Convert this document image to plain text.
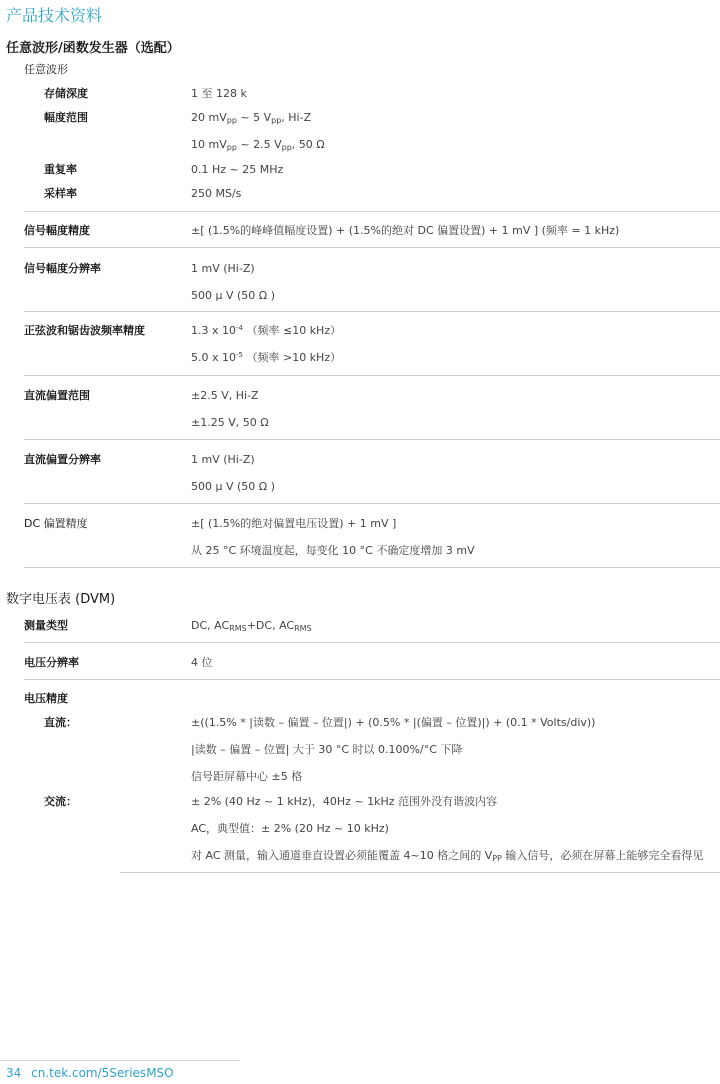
产品技术资料
任意波形/函数发生器（选配）
任意波形
存储深度	1 至 128 k
幅度范围	20 $mV_{pp}$ ~ 5 $V_{pp}$, Hi-Z
10 $mV_{pp}$ ~ 2.5 $V_{pp}$, 50 Ω
重复率	0.1 Hz ~ 25 MHz
采样率	250 MS/s
信号幅度精度	±[ (1.5%的峰峰值幅度设置) + (1.5%的绝对 DC 偏置设置) + 1 mV ] (频率 = 1 kHz)
信号幅度分辨率	1 mV (Hi-Z)
500 μ V (50 Ω )
正弦波和锯齿波频率精度	1.3 x $10^{-4}$ （频率 ≤10 kHz）
5.0 x $10^{-5}$ （频率 >10 kHz）
直流偏置范围	±2.5 V, Hi-Z
±1.25 V, 50 Ω
直流偏置分辨率	1 mV (Hi-Z)
500 μ V (50 Ω )
DC 偏置精度	±[ (1.5%的绝对偏置电压设置) + 1 mV ]
从 25 °C 环境温度起，每变化 10 °C 不确定度增加 3 mV
数字电压表 (DVM)
测量类型	DC, $AC_{RMS}+DC$, $AC_{RMS}$
电压分辨率	4 位
电压精度
直流：	±((1.5% * |读数 – 偏置 – 位置|) + (0.5% * |(偏置 – 位置)|) + (0.1 * Volts/div))
|读数 – 偏置 – 位置| 大于 30 °C 时以 0.100%/°C 下降
信号距屏幕中心 ±5 格
交流：	± 2% (40 Hz ~ 1 kHz)，40Hz ~ 1kHz 范围外没有谐波内容
AC，典型值：± 2% (20 Hz ~ 10 kHz)
对 AC 测量，输入通道垂直设置必须能覆盖 4~10 格之间的 $V_{PP}$ 输入信号，必须在屏幕上能够完全看得见
34 cn.tek.com/5SeriesMSO
